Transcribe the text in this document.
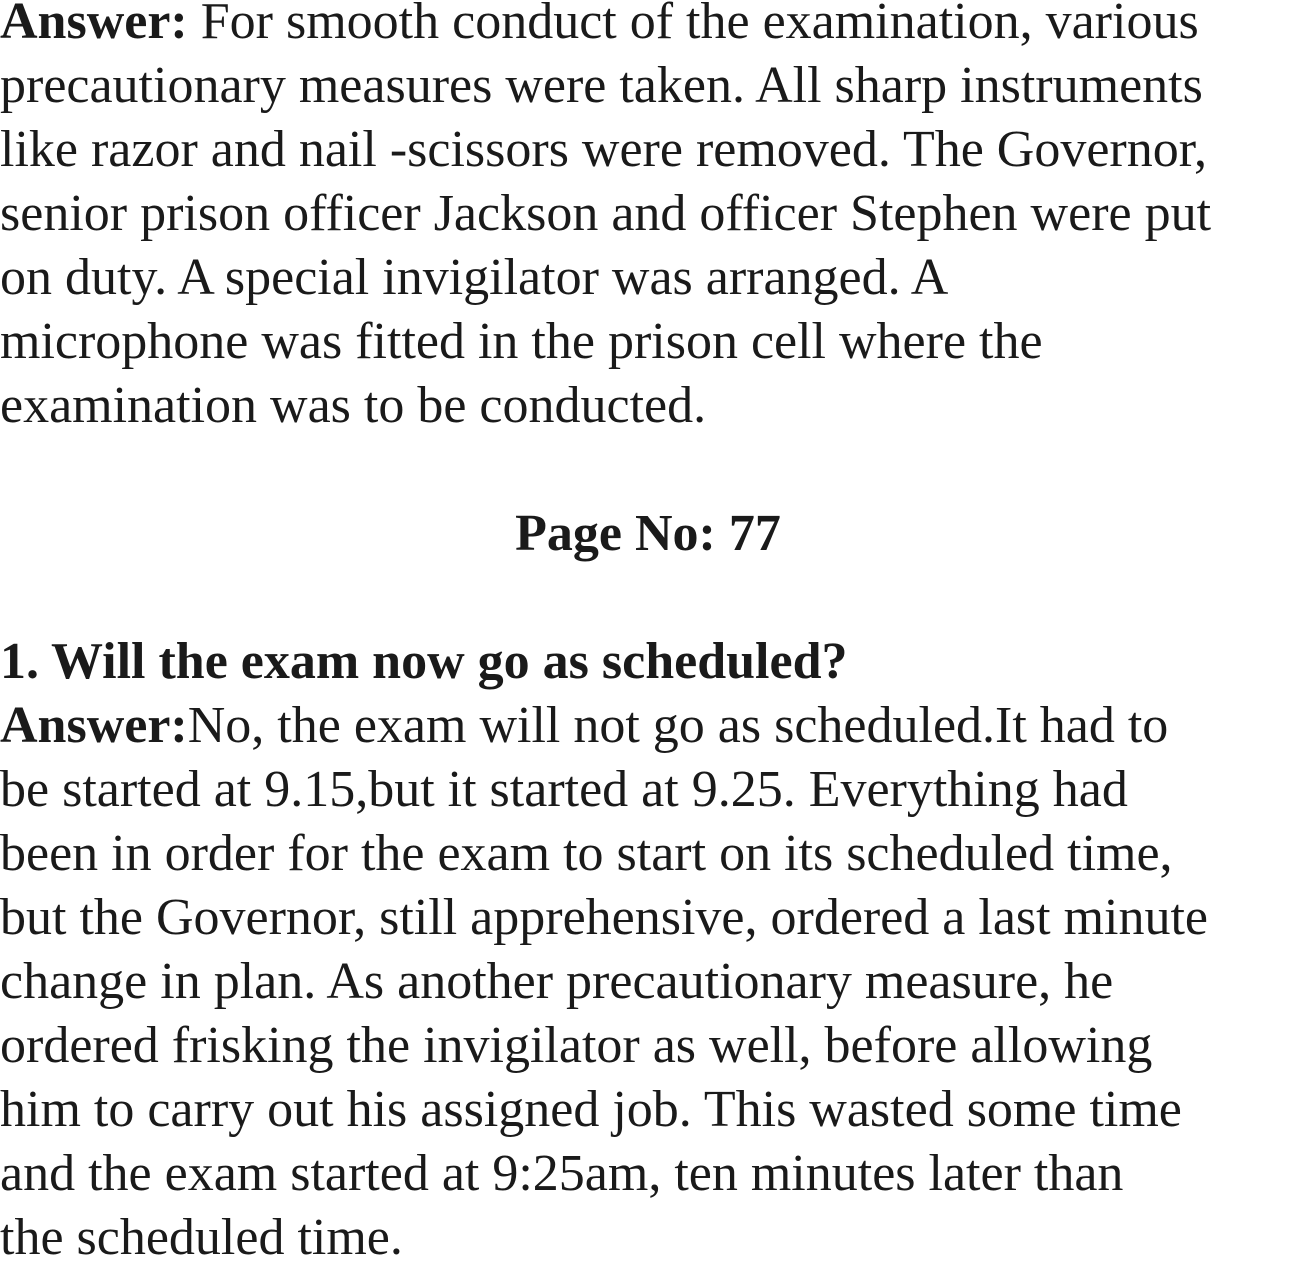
Answer: For smooth conduct of the examination, various
precautionary measures were taken. All sharp instruments
like razor and nail -scissors were removed. The Governor,
senior prison officer Jackson and officer Stephen were put
on duty. A special invigilator was arranged. A
microphone was fitted in the prison cell where the
examination was to be conducted.
Page No: 77
1. Will the exam now go as scheduled?
Answer:No, the exam will not go as scheduled.It had to
be started at 9.15,but it started at 9.25. Everything had
been in order for the exam to start on its scheduled time,
but the Governor, still apprehensive, ordered a last minute
change in plan. As another precautionary measure, he
ordered frisking the invigilator as well, before allowing
him to carry out his assigned job. This wasted some time
and the exam started at 9:25am, ten minutes later than
the scheduled time.
